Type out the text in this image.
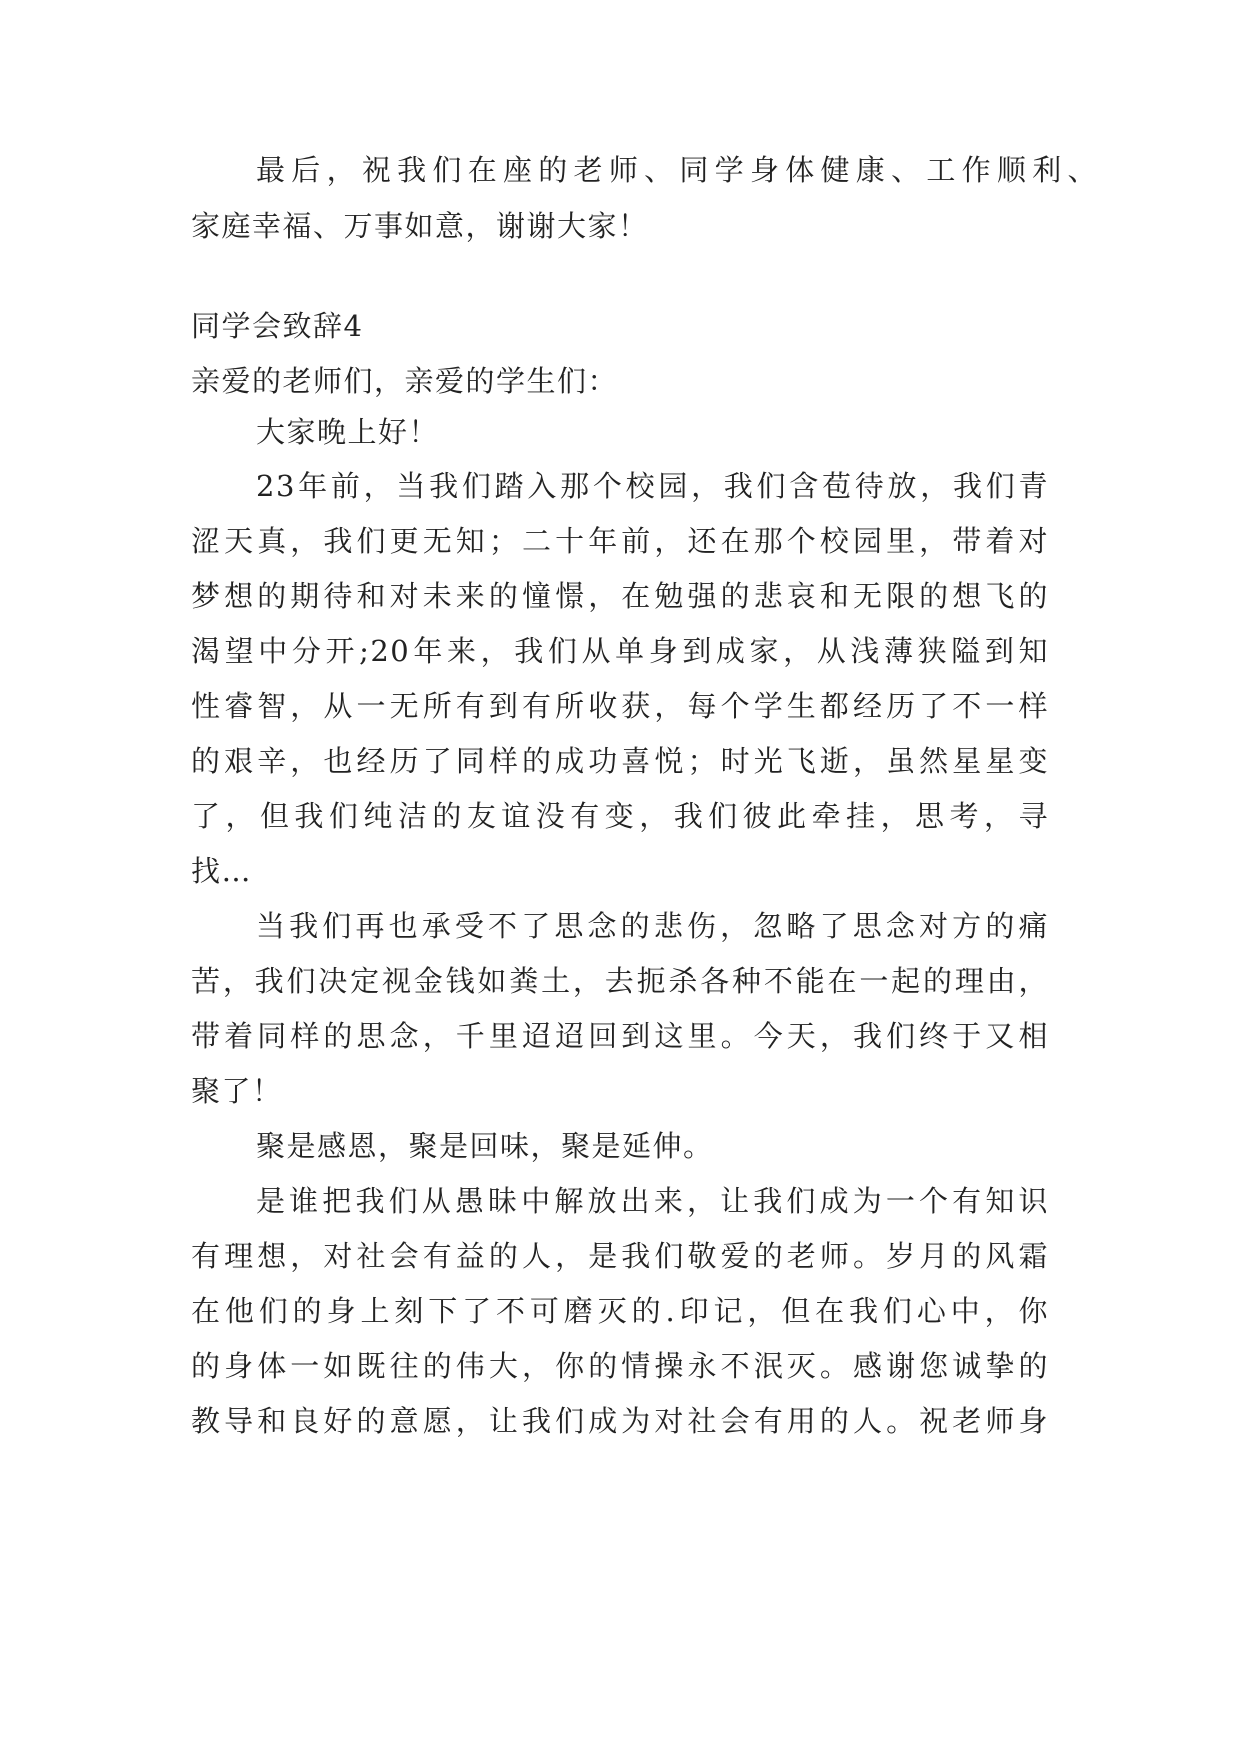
最后，祝我们在座的老师、同学身体健康、工作顺利、
家庭幸福、万事如意，谢谢大家！
同学会致辞4
亲爱的老师们，亲爱的学生们：
大家晚上好！
23年前，当我们踏入那个校园，我们含苞待放，我们青
涩天真，我们更无知；二十年前，还在那个校园里，带着对
梦想的期待和对未来的憧憬，在勉强的悲哀和无限的想飞的
渴望中分开;20年来，我们从单身到成家，从浅薄狭隘到知
性睿智，从一无所有到有所收获，每个学生都经历了不一样
的艰辛，也经历了同样的成功喜悦；时光飞逝，虽然星星变
了，但我们纯洁的友谊没有变，我们彼此牵挂，思考，寻
找…
当我们再也承受不了思念的悲伤，忽略了思念对方的痛
苦，我们决定视金钱如粪土，去扼杀各种不能在一起的理由，
带着同样的思念，千里迢迢回到这里。今天，我们终于又相
聚了！
聚是感恩，聚是回味，聚是延伸。
是谁把我们从愚昧中解放出来，让我们成为一个有知识
有理想，对社会有益的人，是我们敬爱的老师。岁月的风霜
在他们的身上刻下了不可磨灭的.印记，但在我们心中，你
的身体一如既往的伟大，你的情操永不泯灭。感谢您诚挚的
教导和良好的意愿，让我们成为对社会有用的人。祝老师身
